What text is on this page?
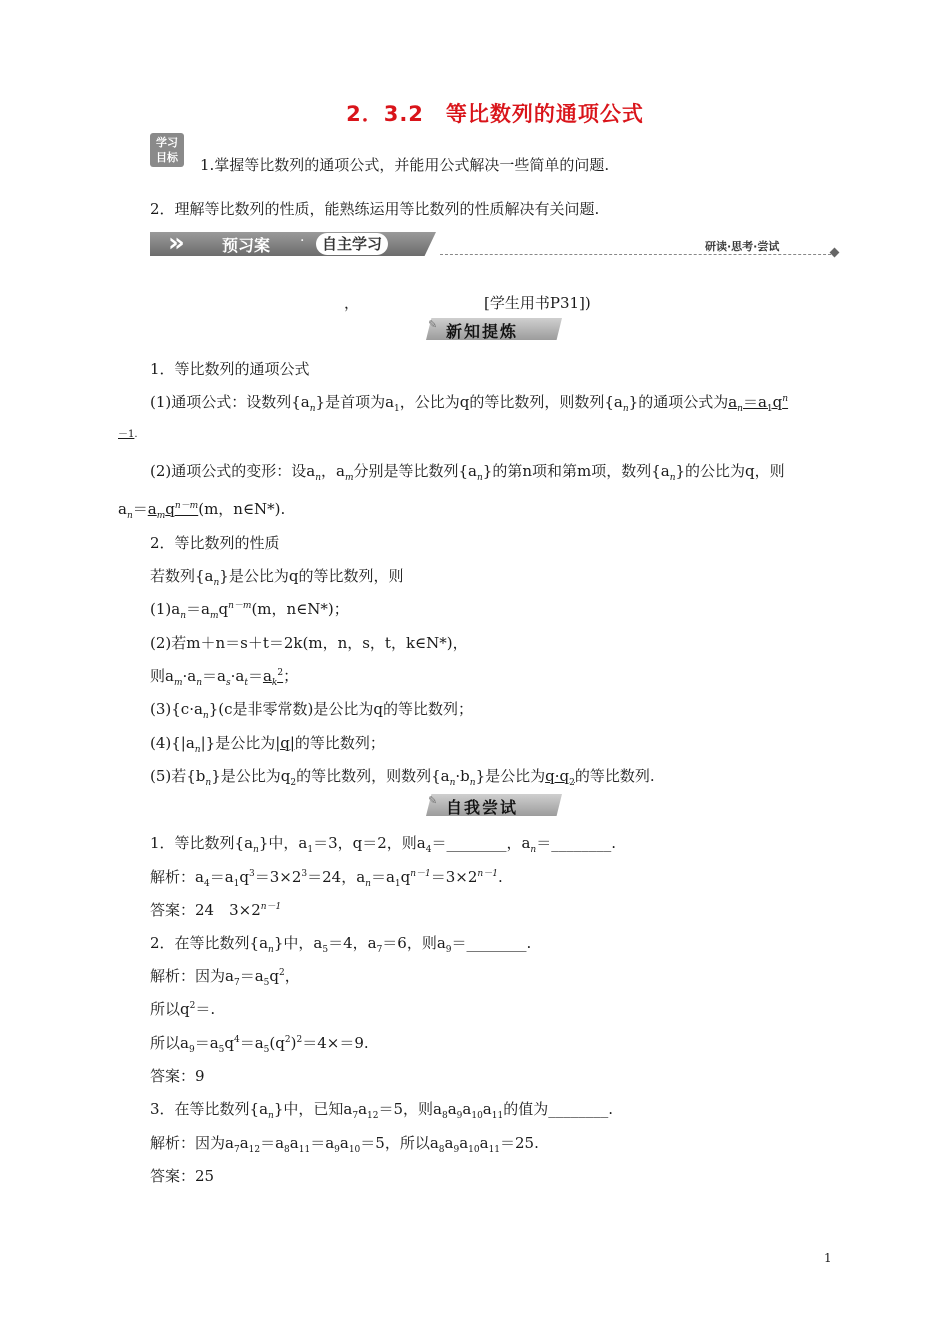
2．3.2　等比数列的通项公式
学习目标 1.掌握等比数列的通项公式，并能用公式解决一些简单的问题.
2．理解等比数列的性质，能熟练运用等比数列的性质解决有关问题.
»	预习案 ·	自主学习	研读·思考·尝试
，	[学生用书P31])
✎ 新知提炼
1．等比数列的通项公式
(1)通项公式：设数列$\{a_n\}$是首项为$a_1$，公比为q的等比数列，则数列$\{a_n\}$的通项公式为$a_n=a_1q^n$
－1.
(2)通项公式的变形：设$a_n$，$a_m$分别是等比数列$\{a_n\}$的第n项和第m项，数列$\{a_n\}$的公比为q，则
$a_n=a_mq^{n-m}(m$，n∈N*).
2．等比数列的性质
若数列$\{a_n\}$是公比为q的等比数列，则
$(1)a_n=a_mq^{n-m}(m$，n∈N*)；
(2)若m＋n＝s＋t＝2k(m，n，s，t，k∈N*)，
则$a_m\cdot a_n=a_s\cdot a_t=a_k^2$；
$(3)\{c\cdot a_n\}(c$是非零常数)是公比为q的等比数列；
$(4)\{|a_n|\}$是公比为|q|的等比数列；
(5)若$\{b_n\}$是公比为$q_2$的等比数列，则数列$\{a_n\cdot b_n\}$是公比为$q\cdot q_2$的等比数列.
✎ 自我尝试
1．等比数列$\{a_n\}$中，$a_1=3$，q＝2，则$a_4=\_\_\_\_\_\_\_\_$，$a_n=\_\_\_\_\_\_\_\_$.
解析：$a_4=a_1q^3=3\times 2^3=24$，$a_n=a_1q^{n-1}=3\times 2^{n-1}$.
答案：24　$3\times 2^{n-1}$
2．在等比数列$\{a_n\}$中，$a_5=4$，$a_7=6$，则$a_9=\_\_\_\_\_\_\_\_$.
解析：因为$a_7=a_5q^2$，
所以$q^2=$.
所以$a_9=a_5q^4=a_5(q^2)^2=4\times=9$.
答案：9
3．在等比数列$\{a_n\}$中，已知$a_7a_{12}=5$，则$a_8a_9a_{10}a_{11}$的值为________.
解析：因为$a_7a_{12}=a_8a_{11}=a_9a_{10}=5$，所以$a_8a_9a_{10}a_{11}=25$.
答案：25
1
